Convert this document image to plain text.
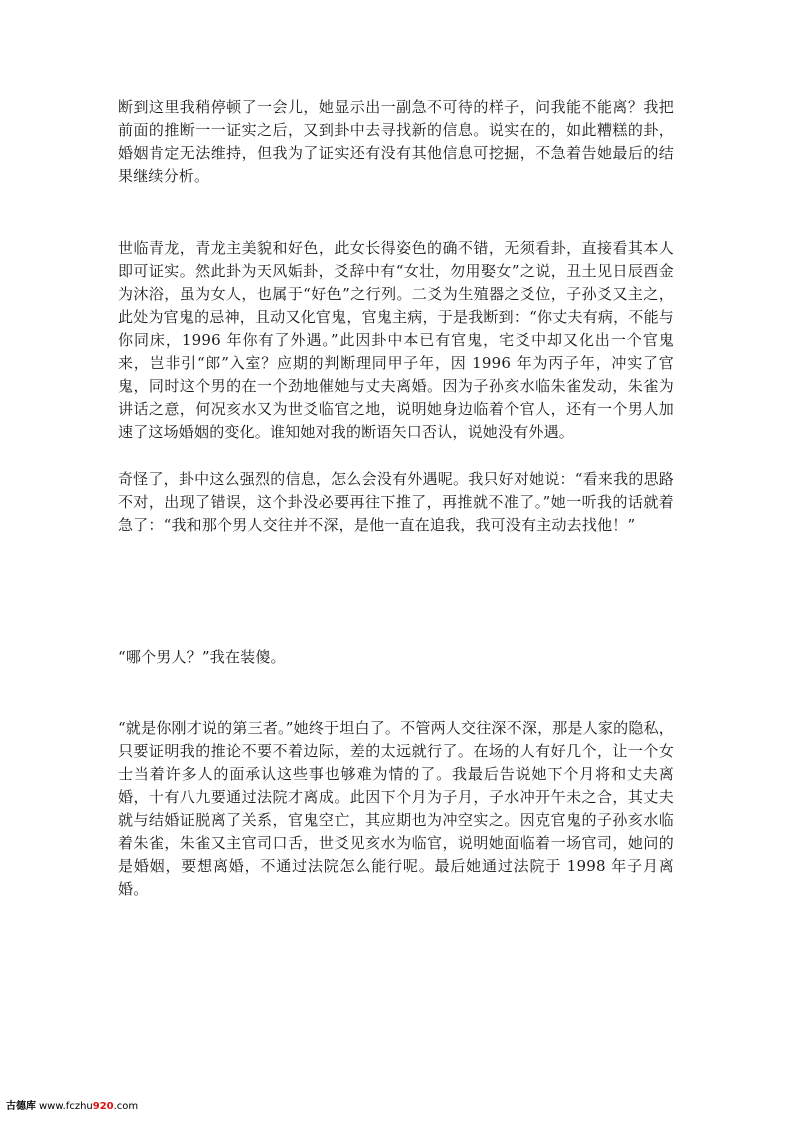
断到这里我稍停顿了一会儿，她显示出一副急不可待的样子，问我能不能离？我把前面的推断一一证实之后，又到卦中去寻找新的信息。说实在的，如此糟糕的卦，婚姻肯定无法维持，但我为了证实还有没有其他信息可挖掘，不急着告她最后的结果继续分析。

世临青龙，青龙主美貌和好色，此女长得姿色的确不错，无须看卦，直接看其本人即可证实。然此卦为天风姤卦，爻辞中有“女壮，勿用娶女”之说，丑土见日辰酉金为沐浴，虽为女人，也属于“好色”之行列。二爻为生殖器之爻位，子孙爻又主之，此处为官鬼的忌神，且动又化官鬼，官鬼主病，于是我断到：“你丈夫有病，不能与你同床，1996 年你有了外遇。”此因卦中本已有官鬼，宅爻中却又化出一个官鬼来，岂非引“郎”入室？应期的判断理同甲子年，因 1996 年为丙子年，冲实了官鬼，同时这个男的在一个劲地催她与丈夫离婚。因为子孙亥水临朱雀发动，朱雀为讲话之意，何况亥水又为世爻临官之地，说明她身边临着个官人，还有一个男人加速了这场婚姻的变化。谁知她对我的断语矢口否认，说她没有外遇。

奇怪了，卦中这么强烈的信息，怎么会没有外遇呢。我只好对她说：“看来我的思路不对，出现了错误，这个卦没必要再往下推了，再推就不准了。”她一听我的话就着急了：“我和那个男人交往并不深，是他一直在追我，我可没有主动去找他！”

“哪个男人？”我在装傻。

“就是你刚才说的第三者。”她终于坦白了。不管两人交往深不深，那是人家的隐私，只要证明我的推论不要不着边际，差的太远就行了。在场的人有好几个，让一个女士当着许多人的面承认这些事也够难为情的了。我最后告说她下个月将和丈夫离婚，十有八九要通过法院才离成。此因下个月为子月，子水冲开午未之合，其丈夫就与结婚证脱离了关系，官鬼空亡，其应期也为冲空实之。因克官鬼的子孙亥水临着朱雀，朱雀又主官司口舌，世爻见亥水为临官，说明她面临着一场官司，她问的是婚姻，要想离婚，不通过法院怎么能行呢。最后她通过法院于 1998 年子月离婚。

古德库 www.fczhu920.com
